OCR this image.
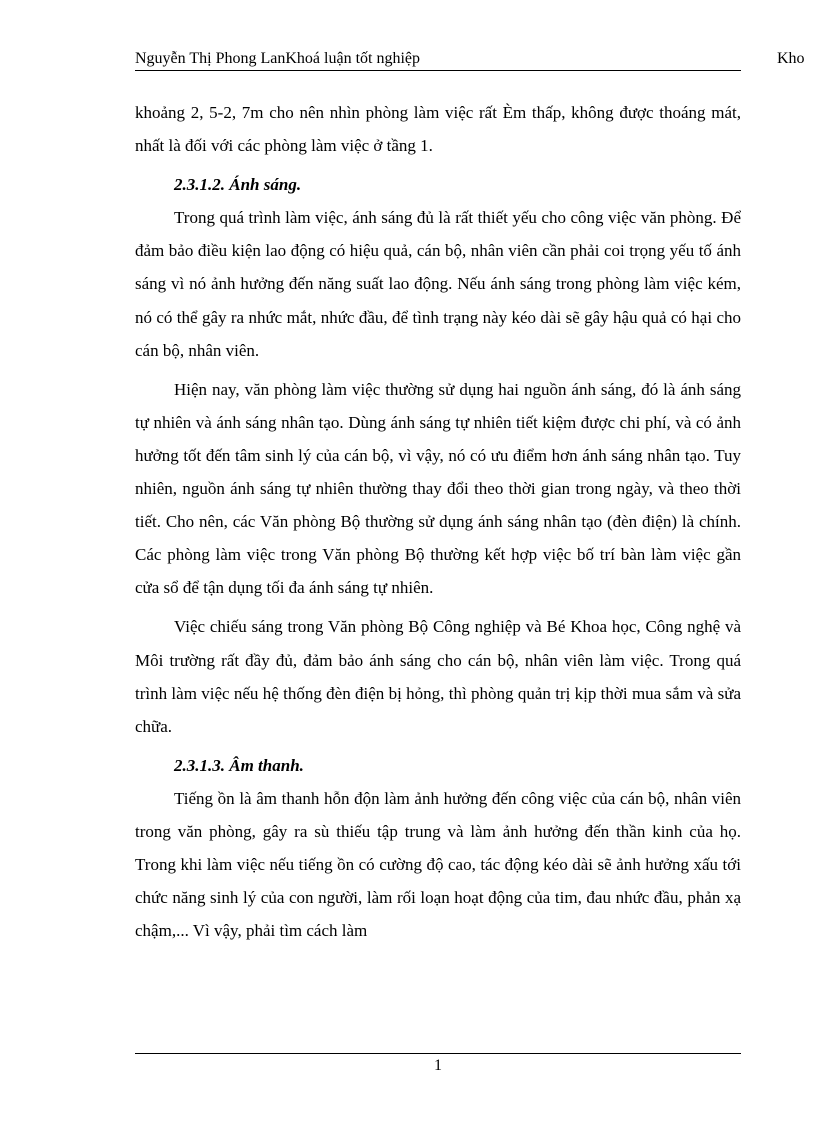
Nguyễn Thị Phong LanKhoá luận tốt nghiệp	Kho

khoảng 2, 5-2, 7m cho nên nhìn phòng làm việc rất Èm thấp, không được thoáng mát, nhất là đối với các phòng làm việc ở tầng 1.

2.3.1.2. Ánh sáng.

Trong quá trình làm việc, ánh sáng đủ là rất thiết yếu cho công việc văn phòng. Để đảm bảo điều kiện lao động có hiệu quả, cán bộ, nhân viên cần phải coi trọng yếu tố ánh sáng vì nó ảnh hưởng đến năng suất lao động. Nếu ánh sáng trong phòng làm việc kém, nó có thể gây ra nhức mắt, nhức đầu, để tình trạng này kéo dài sẽ gây hậu quả có hại cho cán bộ, nhân viên.

Hiện nay, văn phòng làm việc thường sử dụng hai nguồn ánh sáng, đó là ánh sáng tự nhiên và ánh sáng nhân tạo. Dùng ánh sáng tự nhiên tiết kiệm được chi phí, và có ảnh hưởng tốt đến tâm sinh lý của cán bộ, vì vậy, nó có ưu điểm hơn ánh sáng nhân tạo. Tuy nhiên, nguồn ánh sáng tự nhiên thường thay đổi theo thời gian trong ngày, và theo thời tiết. Cho nên, các Văn phòng Bộ thường sử dụng ánh sáng nhân tạo (đèn điện) là chính. Các phòng làm việc trong Văn phòng Bộ thường kết hợp việc bố trí bàn làm việc gần cửa sổ để tận dụng tối đa ánh sáng tự nhiên.

Việc chiếu sáng trong Văn phòng Bộ Công nghiệp và Bé Khoa học, Công nghệ và Môi trường rất đầy đủ, đảm bảo ánh sáng cho cán bộ, nhân viên làm việc. Trong quá trình làm việc nếu hệ thống đèn điện bị hỏng, thì phòng quản trị kịp thời mua sắm và sửa chữa.

2.3.1.3. Âm thanh.

Tiếng ồn là âm thanh hỗn độn làm ảnh hưởng đến công việc của cán bộ, nhân viên trong văn phòng, gây ra sù thiếu tập trung và làm ảnh hưởng đến thần kinh của họ. Trong khi làm việc nếu tiếng ồn có cường độ cao, tác động kéo dài sẽ ảnh hưởng xấu tới chức năng sinh lý của con người, làm rối loạn hoạt động của tim, đau nhức đầu, phản xạ chậm,... Vì vậy, phải tìm cách làm

1
